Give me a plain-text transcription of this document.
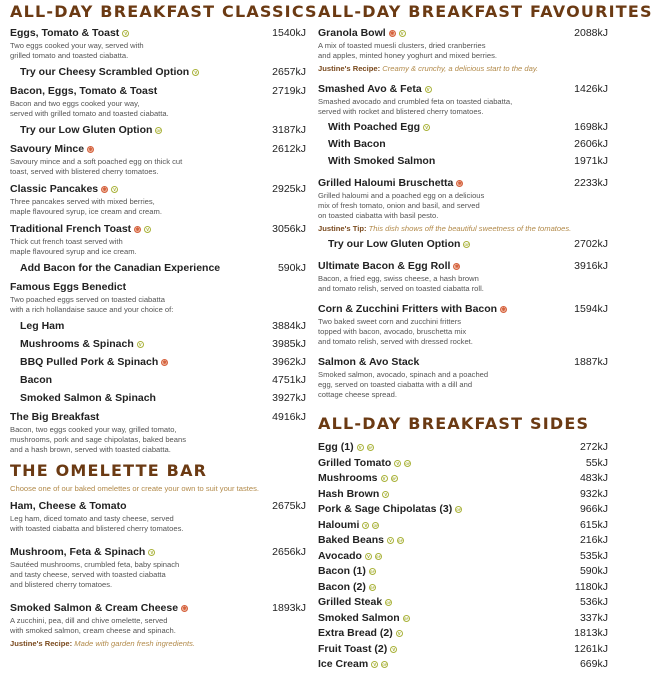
ALL-DAY BREAKFAST CLASSICS
Eggs, Tomato & Toast	v	1540kJ
Two eggs cooked your way, served with
grilled tomato and toasted ciabatta.
Try our Cheesy Scrambled Option	v	2657kJ
Bacon, Eggs, Tomato & Toast	2719kJ
Bacon and two eggs cooked your way,
served with grilled tomato and toasted ciabatta.
Try our Low Gluten Option	GF	3187kJ
Savoury Mince ✱	2612kJ
Savoury mince and a soft poached egg on thick cut
toast, served with blistered cherry tomatoes.
Classic Pancakes ✱	v	2925kJ
Three pancakes served with mixed berries,
maple flavoured syrup, ice cream and cream.
Traditional French Toast ✱	v	3056kJ
Thick cut french toast served with
maple flavoured syrup and ice cream.
Add Bacon for the Canadian Experience	590kJ
Famous Eggs Benedict
Two poached eggs served on toasted ciabatta
with a rich hollandaise sauce and your choice of:
Leg Ham	3884kJ
Mushrooms & Spinach	v	3985kJ
BBQ Pulled Pork & Spinach ✱	3962kJ
Bacon	4751kJ
Smoked Salmon & Spinach	3927kJ
The Big Breakfast	4916kJ
Bacon, two eggs cooked your way, grilled tomato,
mushrooms, pork and sage chipolatas, baked beans
and a hash brown, served with toasted ciabatta.
THE OMELETTE BAR
Choose one of our baked omelettes or create your own to suit your tastes.
Ham, Cheese & Tomato	2675kJ
Leg ham, diced tomato and tasty cheese, served
with toasted ciabatta and blistered cherry tomatoes.
Mushroom, Feta & Spinach	v	2656kJ
Sautéed mushrooms, crumbled feta, baby spinach
and tasty cheese, served with toasted ciabatta
and blistered cherry tomatoes.
Smoked Salmon & Cream Cheese ✱	1893kJ
A zucchini, pea, dill and chive omelette, served
with smoked salmon, cream cheese and spinach.
Justine's Recipe: Made with garden fresh ingredients.
ALL-DAY BREAKFAST FAVOURITES
Granola Bowl ✱	v	2088kJ
A mix of toasted muesli clusters, dried cranberries
and apples, minted honey yoghurt and mixed berries.
Justine's Recipe: Creamy & crunchy, a delicious start to the day.
Smashed Avo & Feta	v	1426kJ
Smashed avocado and crumbled feta on toasted ciabatta,
served with rocket and blistered cherry tomatoes.
With Poached Egg	v	1698kJ
With Bacon	2606kJ
With Smoked Salmon	1971kJ
Grilled Haloumi Bruschetta ✱	2233kJ
Grilled haloumi and a poached egg on a delicious
mix of fresh tomato, onion and basil, and served
on toasted ciabatta with basil pesto.
Justine's Tip: This dish shows off the beautiful sweetness of the tomatoes.
Try our Low Gluten Option	GF	2702kJ
Ultimate Bacon & Egg Roll ✱	3916kJ
Bacon, a fried egg, swiss cheese, a hash brown
and tomato relish, served on toasted ciabatta roll.
Corn & Zucchini Fritters with Bacon ✱	1594kJ
Two baked sweet corn and zucchini fritters
topped with bacon, avocado, bruschetta mix
and tomato relish, served with dressed rocket.
Salmon & Avo Stack	1887kJ
Smoked salmon, avocado, spinach and a poached
egg, served on toasted ciabatta with a dill and
cottage cheese spread.
ALL-DAY BREAKFAST SIDES
Egg (1)	v	GF	272kJ
Grilled Tomato	v	GF	55kJ
Mushrooms	v	GF	483kJ
Hash Brown	v	932kJ
Pork & Sage Chipolatas (3)	GF	966kJ
Haloumi	v	GF	615kJ
Baked Beans	v	GF	216kJ
Avocado	v	GF	535kJ
Bacon (1)	GF	590kJ
Bacon (2)	GF	1180kJ
Grilled Steak	GF	536kJ
Smoked Salmon	GF	337kJ
Extra Bread (2)	v	1813kJ
Fruit Toast (2)	v	1261kJ
Ice Cream	v	GF	669kJ
